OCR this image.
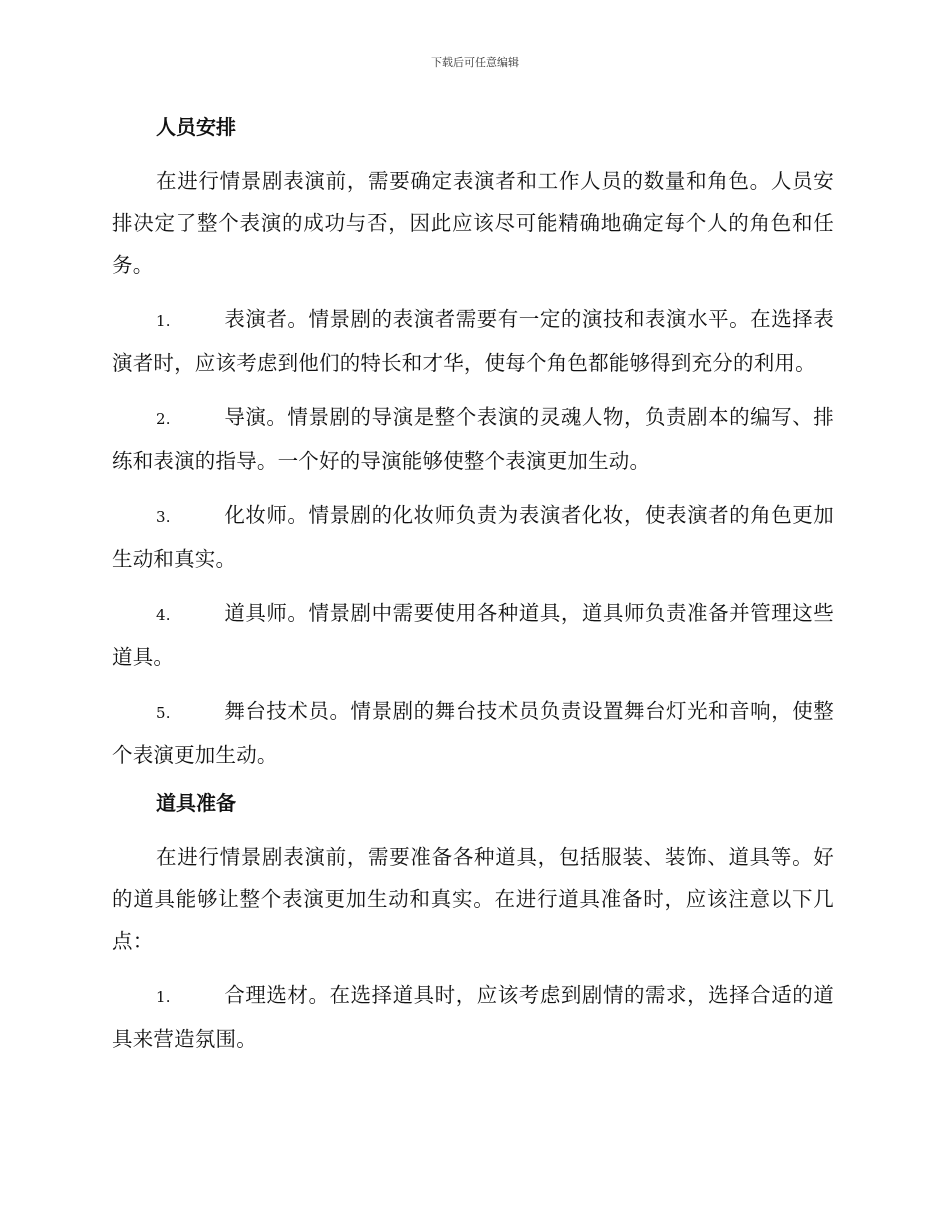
下载后可任意编辑
人员安排

在进行情景剧表演前，需要确定表演者和工作人员的数量和角色。人员安排决定了整个表演的成功与否，因此应该尽可能精确地确定每个人的角色和任务。

1.	表演者。情景剧的表演者需要有一定的演技和表演水平。在选择表演者时，应该考虑到他们的特长和才华，使每个角色都能够得到充分的利用。

2.	导演。情景剧的导演是整个表演的灵魂人物，负责剧本的编写、排练和表演的指导。一个好的导演能够使整个表演更加生动。

3.	化妆师。情景剧的化妆师负责为表演者化妆，使表演者的角色更加生动和真实。

4.	道具师。情景剧中需要使用各种道具，道具师负责准备并管理这些道具。

5.	舞台技术员。情景剧的舞台技术员负责设置舞台灯光和音响，使整个表演更加生动。

道具准备

在进行情景剧表演前，需要准备各种道具，包括服装、装饰、道具等。好的道具能够让整个表演更加生动和真实。在进行道具准备时，应该注意以下几点：

1.	合理选材。在选择道具时，应该考虑到剧情的需求，选择合适的道具来营造氛围。
